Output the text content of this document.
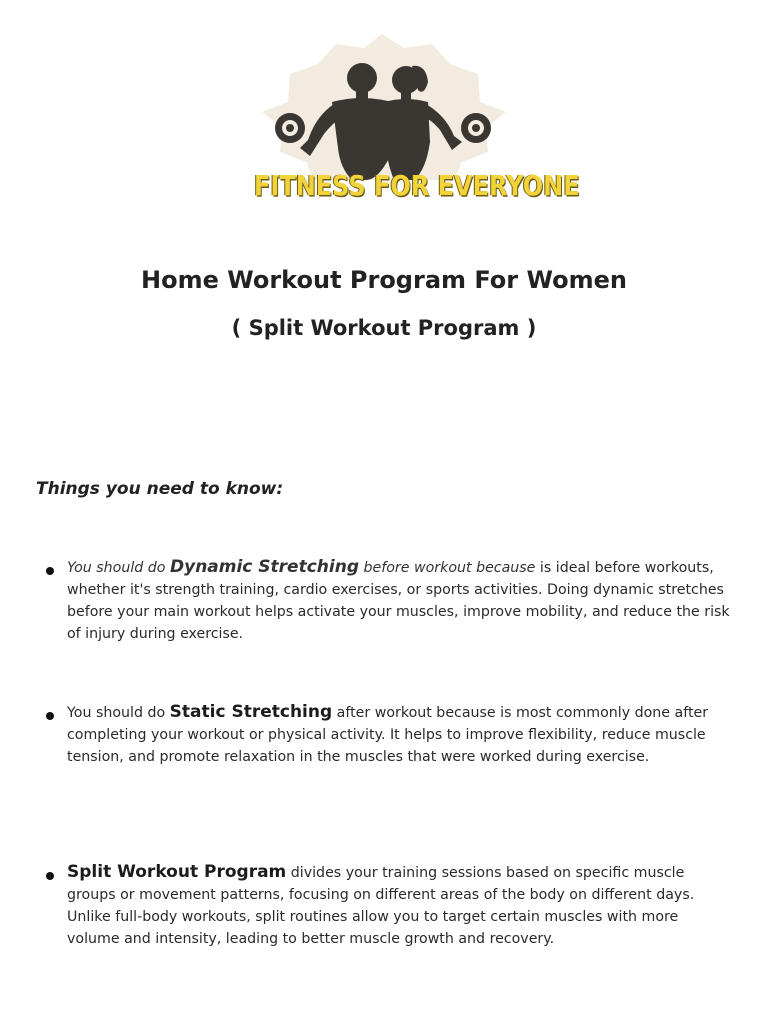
FITNESS FOR EVERYONE
Home Workout Program For Women
( Split Workout Program )
Things you need to know:
You should do Dynamic Stretching before workout because is ideal before workouts, whether it's strength training, cardio exercises, or sports activities. Doing dynamic stretches before your main workout helps activate your muscles, improve mobility, and reduce the risk of injury during exercise.
You should do Static Stretching after workout because is most commonly done after completing your workout or physical activity. It helps to improve flexibility, reduce muscle tension, and promote relaxation in the muscles that were worked during exercise.
Split Workout Program divides your training sessions based on specific muscle groups or movement patterns, focusing on different areas of the body on different days. Unlike full-body workouts, split routines allow you to target certain muscles with more volume and intensity, leading to better muscle growth and recovery.
